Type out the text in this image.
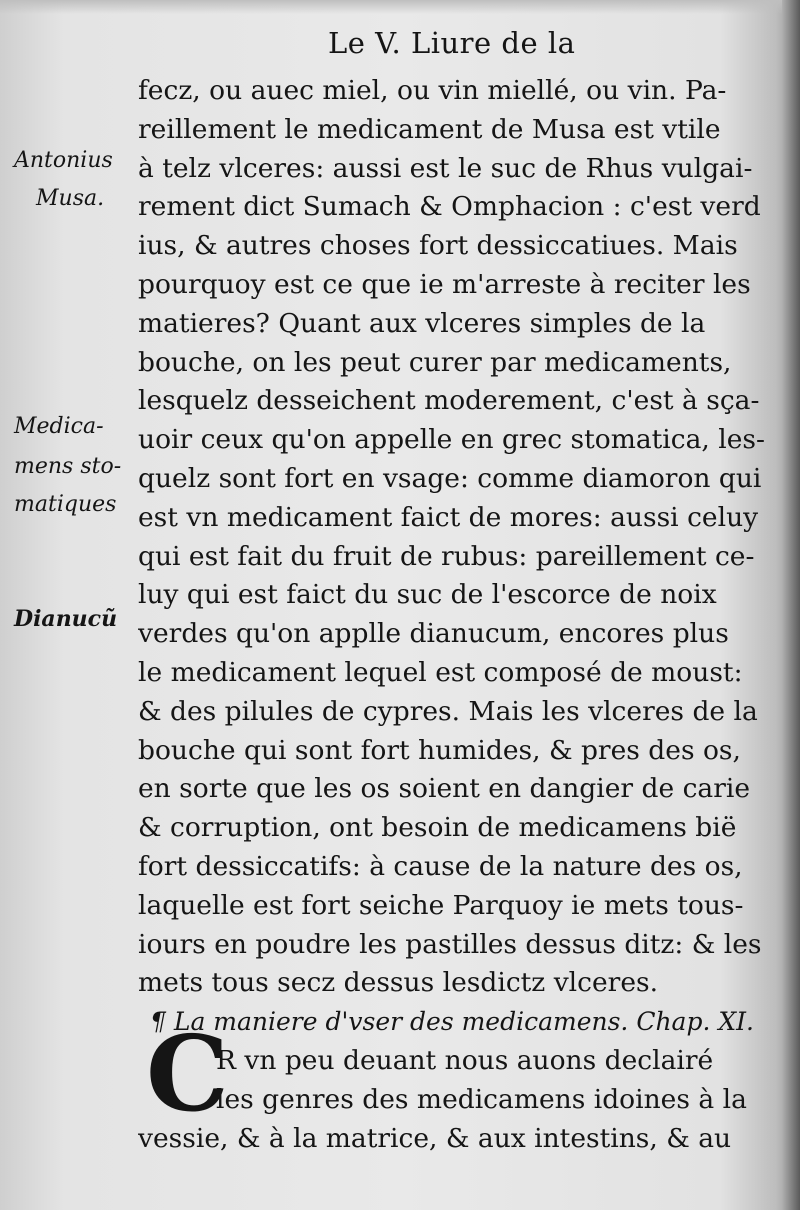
Le V. Liure de la
Antonius
Musa.
Medica-
mens sto-
matiques
Dianucũ
fecz, ou auec miel, ou vin miellé, ou vin. Pa-
reillement le medicament de Musa est vtile
à telz vlceres: aussi est le suc de Rhus vulgai-
rement dict Sumach & Omphacion : c'est verd
ius, & autres choses fort dessiccatiues. Mais
pourquoy est ce que ie m'arreste à reciter les
matieres? Quant aux vlceres simples de la
bouche, on les peut curer par medicaments,
lesquelz desseichent moderement, c'est à sça-
uoir ceux qu'on appelle en grec stomatica, les-
quelz sont fort en vsage: comme diamoron qui
est vn medicament faict de mores: aussi celuy
qui est fait du fruit de rubus: pareillement ce-
luy qui est faict du suc de l'escorce de noix
verdes qu'on applle dianucum, encores plus
le medicament lequel est composé de moust:
& des pilules de cypres. Mais les vlceres de la
bouche qui sont fort humides, & pres des os,
en sorte que les os soient en dangier de carie
& corruption, ont besoin de medicamens bië
fort dessiccatifs: à cause de la nature des os,
laquelle est fort seiche Parquoy ie mets tous-
iours en poudre les pastilles dessus ditz: & les
mets tous secz dessus lesdictz vlceres.
¶ La maniere d'vser des medicamens. Chap. XI.
R vn peu deuant nous auons declairé
les genres des medicamens idoines à la
vessie, & à la matrice, & aux intestins, & au
C
